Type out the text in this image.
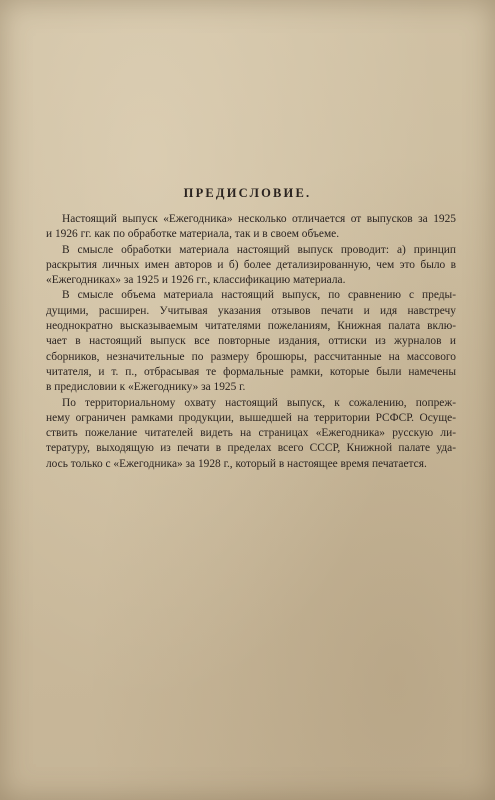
ПРЕДИСЛОВИЕ.
Настоящий выпуск «Ежегодника» несколько отличается от выпусков за 1925
и 1926 гг. как по обработке материала, так и в своем объеме.
В смысле обработки материала настоящий выпуск проводит: а) принцип
раскрытия личных имен авторов и б) более детализированную, чем это было в
«Ежегодниках» за 1925 и 1926 гг., классификацию материала.
В смысле объема материала настоящий выпуск, по сравнению с преды-
дущими, расширен. Учитывая указания отзывов печати и идя навстречу
неоднократно высказываемым читателями пожеланиям, Книжная палата вклю-
чает в настоящий выпуск все повторные издания, оттиски из журналов и
сборников, незначительные по размеру брошюры, рассчитанные на массового
читателя, и т. п., отбрасывая те формальные рамки, которые были намечены
в предисловии к «Ежегоднику» за 1925 г.
По территориальному охвату настоящий выпуск, к сожалению, попреж-
нему ограничен рамками продукции, вышедшей на территории РСФСР. Осуще-
ствить пожелание читателей видеть на страницах «Ежегодника» русскую ли-
тературу, выходящую из печати в пределах всего СССР, Книжной палате уда-
лось только с «Ежегодника» за 1928 г., который в настоящее время печатается.
